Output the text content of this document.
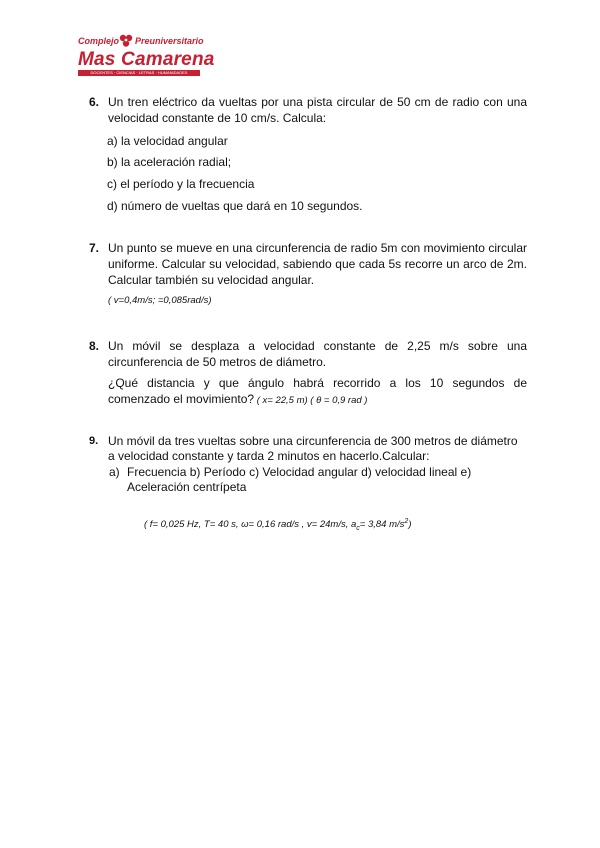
Complejo Preuniversitario
Mas Camarena
DOCENTES · CIENCIAS · LETRAS · HUMANIDADES
6. Un tren eléctrico da vueltas por una pista circular de 50 cm de radio con una velocidad constante de 10 cm/s. Calcula:

a) la velocidad angular
b) la aceleración radial;
c) el período y la frecuencia
d) número de vueltas que dará en 10 segundos.
7. Un punto se mueve en una circunferencia de radio 5m con movimiento circular uniforme. Calcular su velocidad, sabiendo que cada 5s recorre un arco de 2m. Calcular también su velocidad angular.

( v=0,4m/s; =0,085rad/s)
8. Un móvil se desplaza a velocidad constante de 2,25 m/s sobre una circunferencia de 50 metros de diámetro.

¿Qué distancia y que ángulo habrá recorrido a los 10 segundos de comenzado el movimiento? ( x= 22,5 m) ( θ = 0,9 rad )

9. Un móvil da tres vueltas sobre una circunferencia de 300 metros de diámetro a velocidad constante y tarda 2 minutos en hacerlo.Calcular:
a) Frecuencia b) Período c) Velocidad angular d) velocidad lineal e) Aceleración centrípeta
( f= 0,025 Hz, T= 40 s, ω= 0,16 rad/s , v= 24m/s, $a_c= 3,84$ $m/s^2$)
